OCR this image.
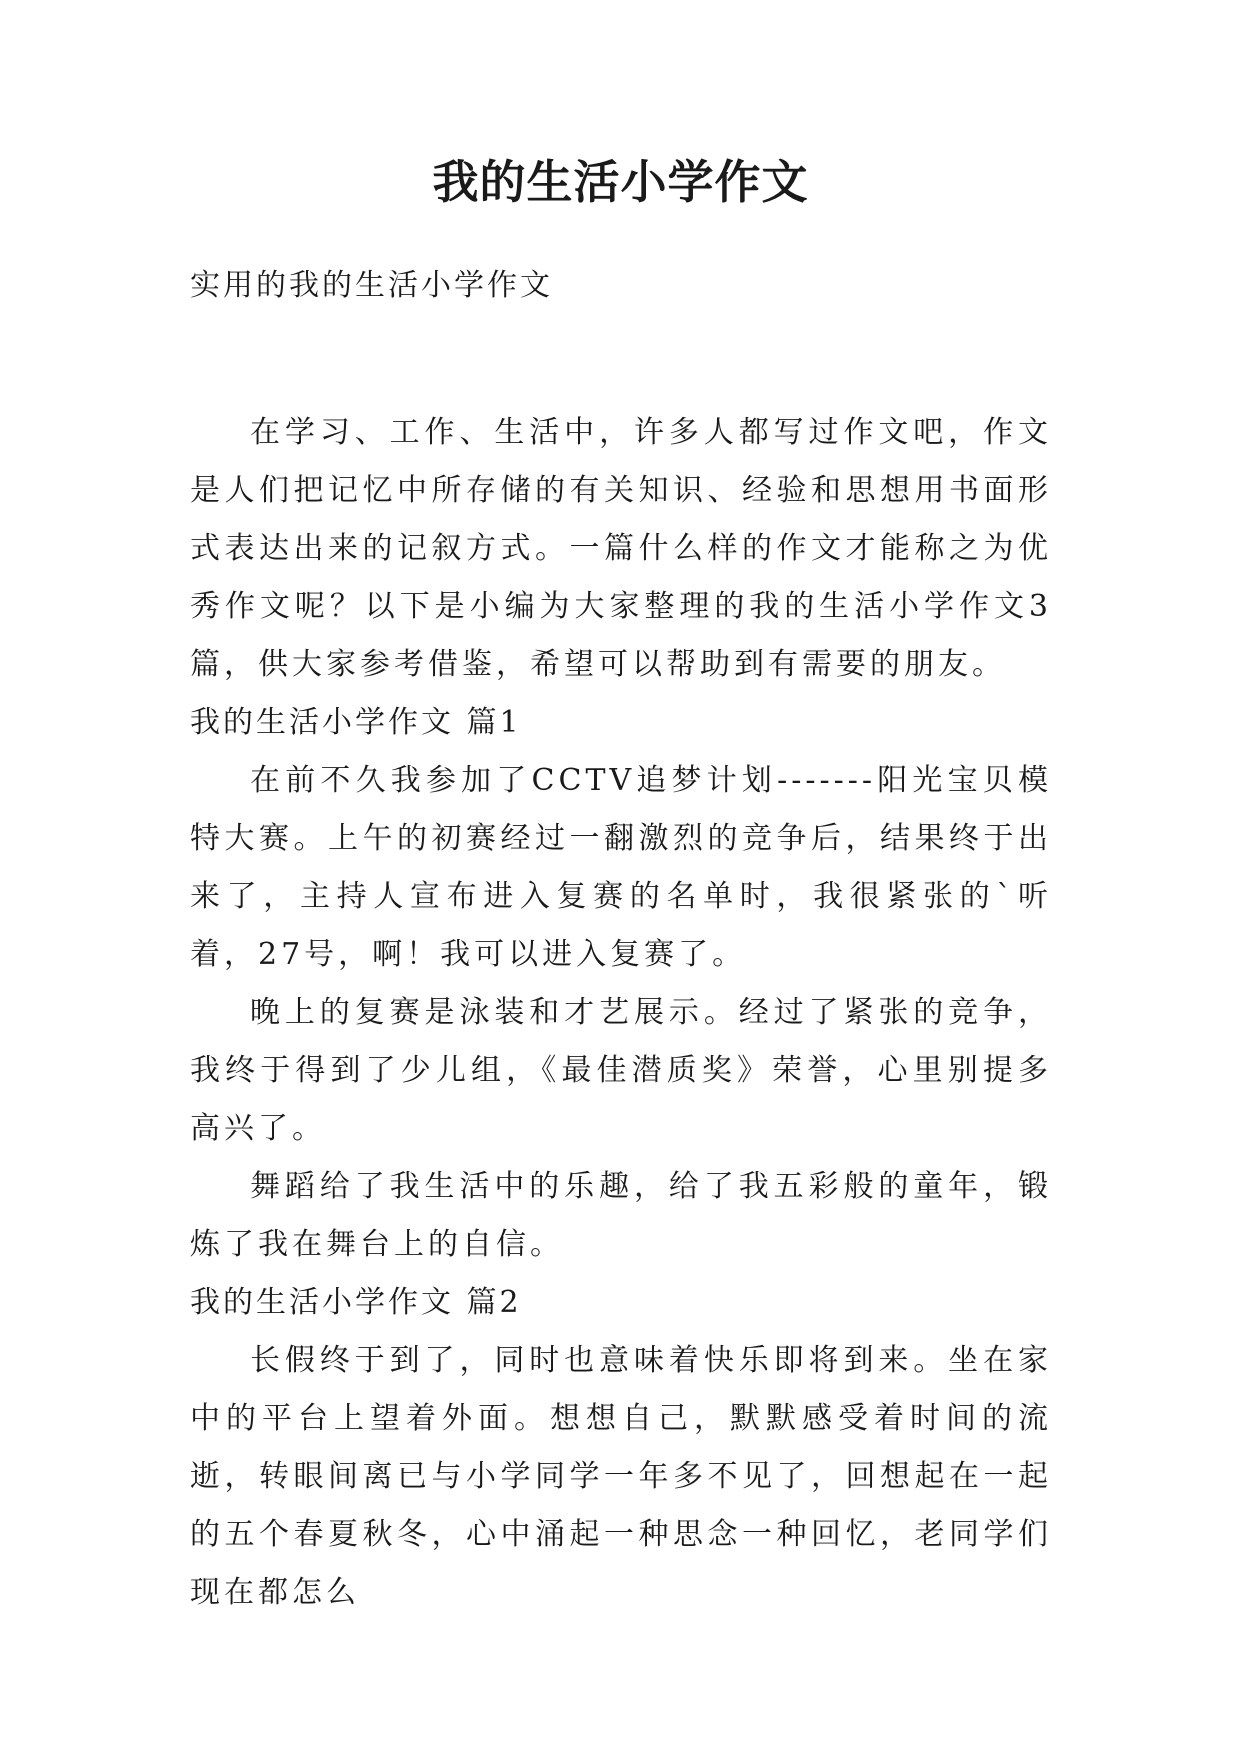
我的生活小学作文
实用的我的生活小学作文

在学习、工作、生活中，许多人都写过作文吧，作文是人们把记忆中所存储的有关知识、经验和思想用书面形式表达出来的记叙方式。一篇什么样的作文才能称之为优秀作文呢？以下是小编为大家整理的我的生活小学作文3篇，供大家参考借鉴，希望可以帮助到有需要的朋友。

我的生活小学作文 篇1

在前不久我参加了CCTV追梦计划-------阳光宝贝模特大赛。上午的初赛经过一翻激烈的竞争后，结果终于出来了，主持人宣布进入复赛的名单时，我很紧张的`听着，27号，啊！我可以进入复赛了。

晚上的复赛是泳装和才艺展示。经过了紧张的竞争，我终于得到了少儿组，《最佳潜质奖》荣誉，心里别提多高兴了。

舞蹈给了我生活中的乐趣，给了我五彩般的童年，锻炼了我在舞台上的自信。

我的生活小学作文 篇2

长假终于到了，同时也意味着快乐即将到来。坐在家中的平台上望着外面。想想自己，默默感受着时间的流逝，转眼间离已与小学同学一年多不见了，回想起在一起的五个春夏秋冬，心中涌起一种思念一种回忆，老同学们现在都怎么
